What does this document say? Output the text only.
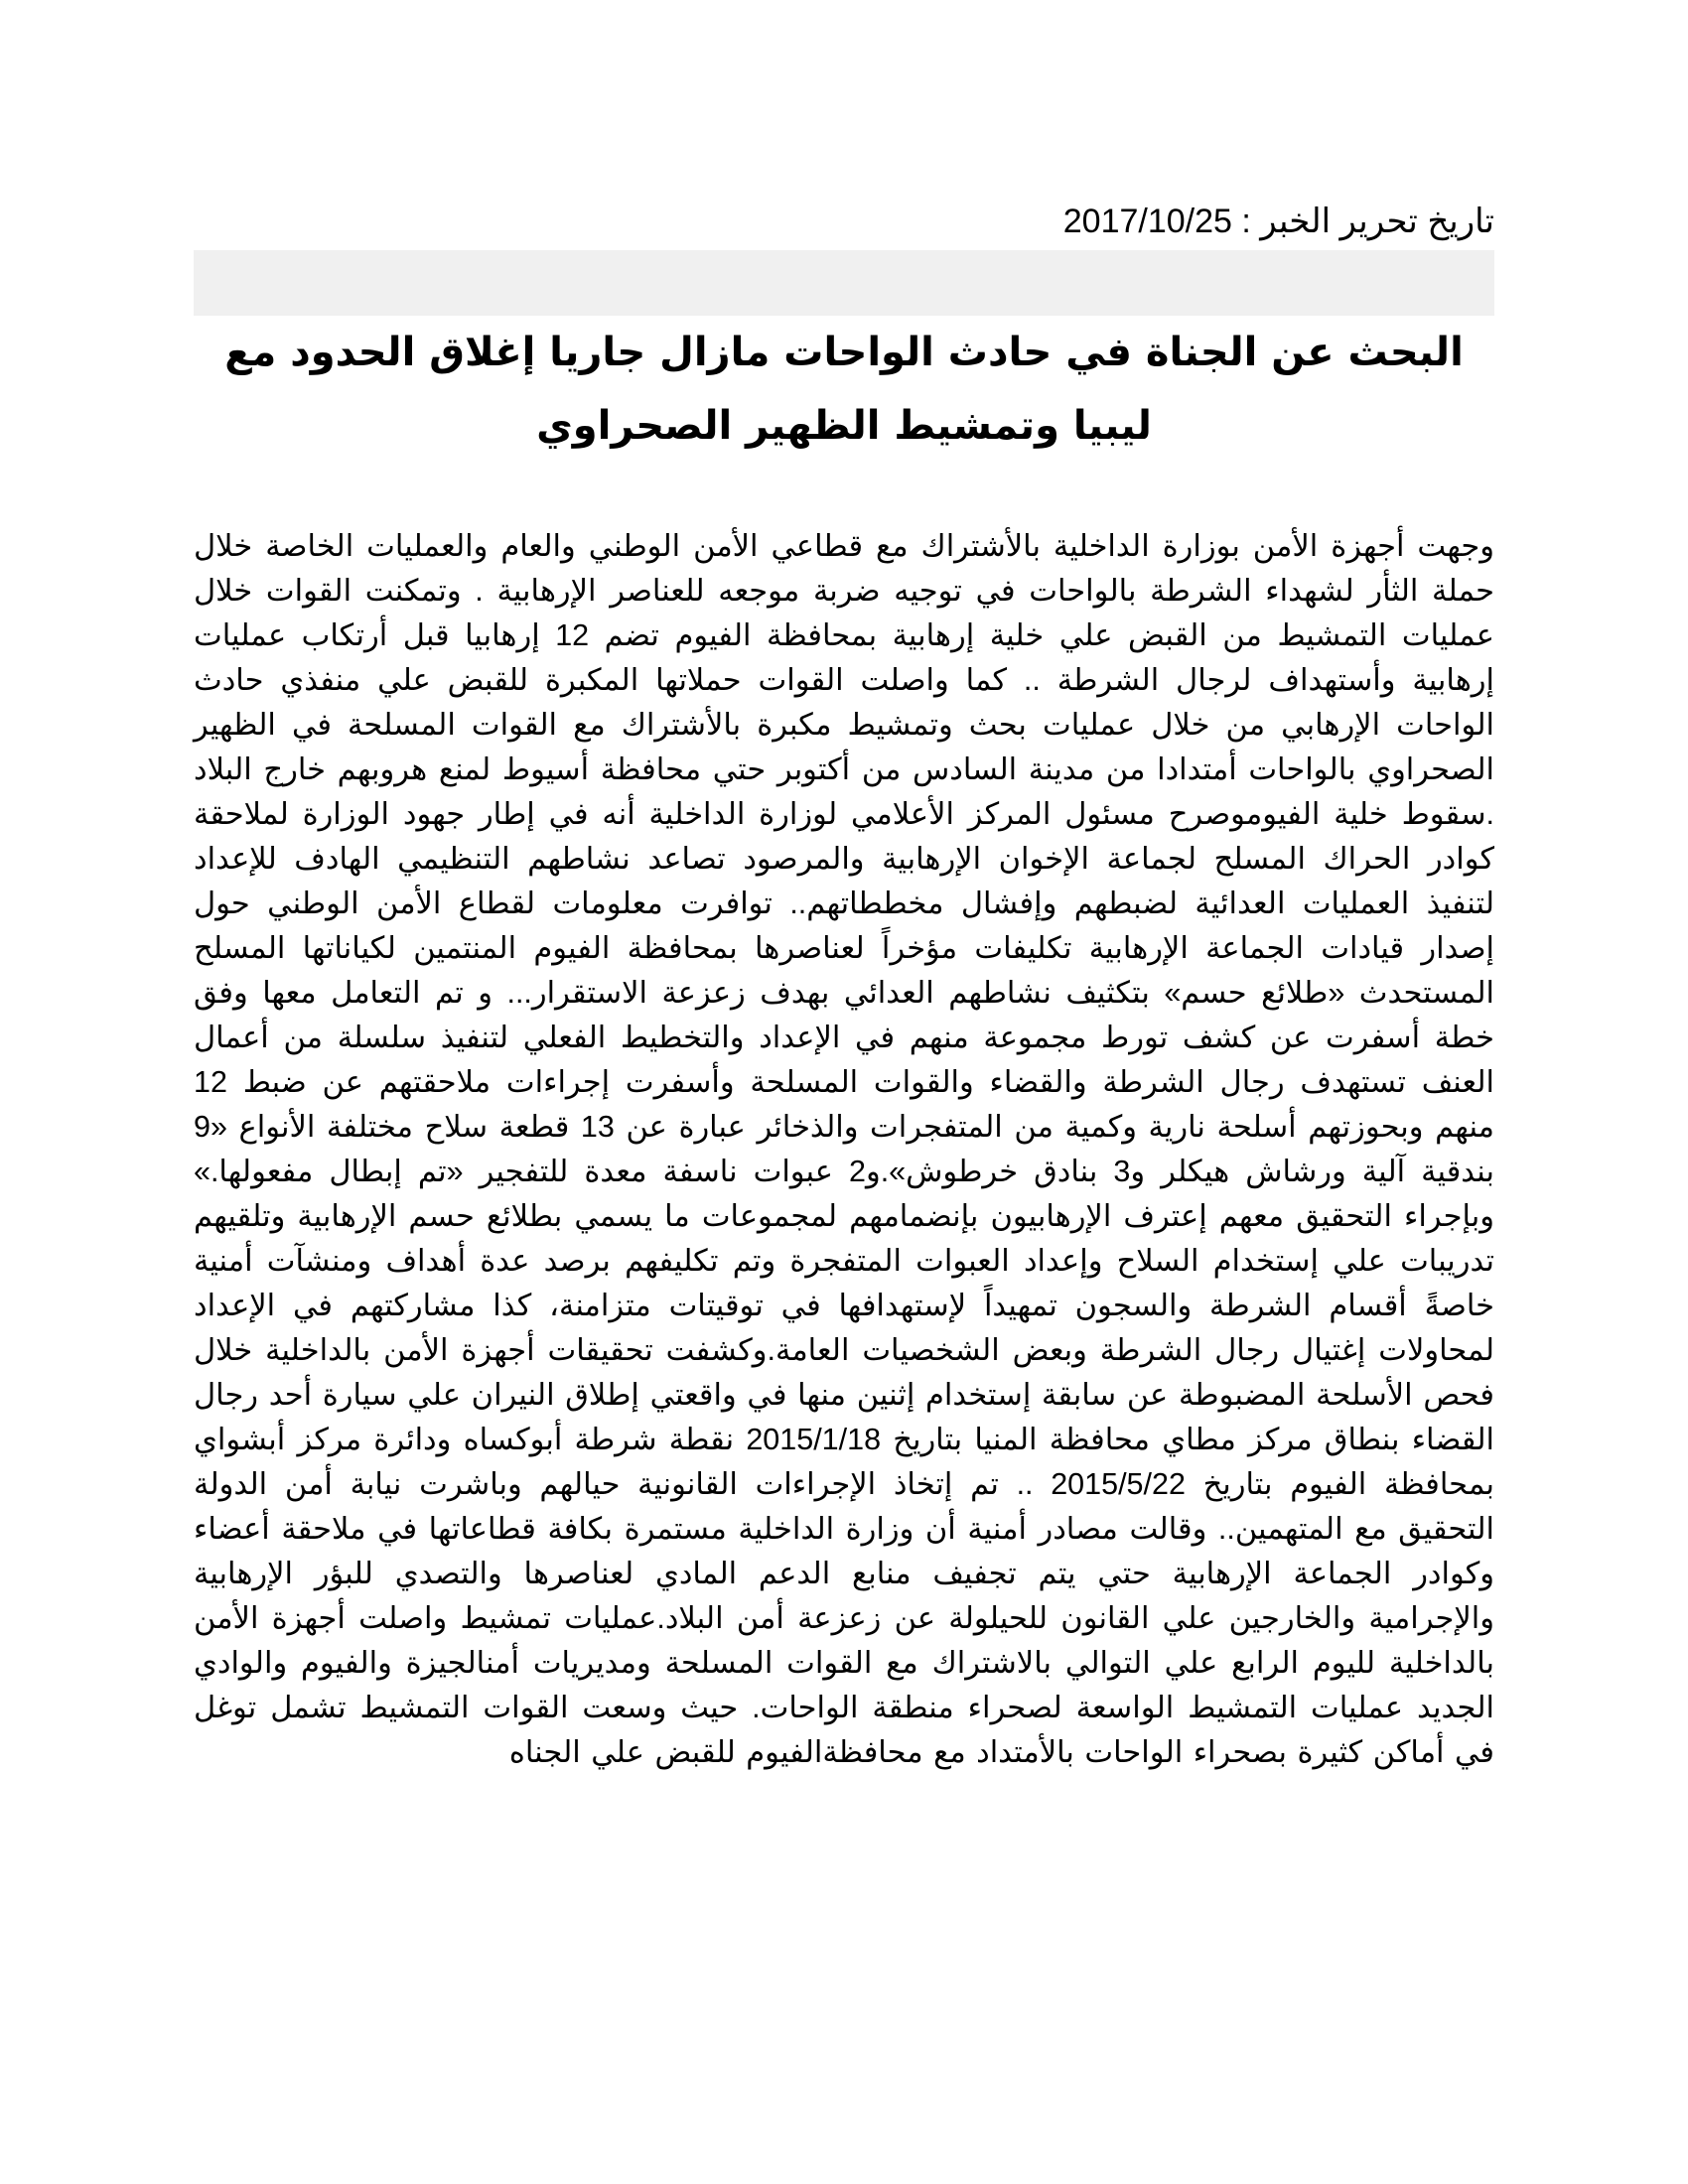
تاريخ تحرير الخبر : 2017/10/25
البحث عن الجناة في حادث الواحات مازال جاريا إغلاق الحدود مع ليبيا وتمشيط الظهير الصحراوي

وجهت أجهزة الأمن بوزارة الداخلية بالأشتراك مع قطاعي الأمن الوطني والعام والعمليات الخاصة خلال حملة الثأر لشهداء الشرطة بالواحات في توجيه ضربة موجعه للعناصر الإرهابية . وتمكنت القوات خلال عمليات التمشيط من القبض علي خلية إرهابية بمحافظة الفيوم تضم 12 إرهابيا قبل أرتكاب عمليات إرهابية وأستهداف لرجال الشرطة .. كما واصلت القوات حملاتها المكبرة للقبض علي منفذي حادث الواحات الإرهابي من خلال عمليات بحث وتمشيط مكبرة بالأشتراك مع القوات المسلحة في الظهير الصحراوي بالواحات أمتدادا من مدينة السادس من أكتوبر حتي محافظة أسيوط لمنع هروبهم خارج البلاد .سقوط خلية الفيوموصرح مسئول المركز الأعلامي لوزارة الداخلية أنه في إطار جهود الوزارة لملاحقة كوادر الحراك المسلح لجماعة الإخوان الإرهابية والمرصود تصاعد نشاطهم التنظيمي الهادف للإعداد لتنفيذ العمليات العدائية لضبطهم وإفشال مخططاتهم.. توافرت معلومات لقطاع الأمن الوطني حول إصدار قيادات الجماعة الإرهابية تكليفات مؤخراً لعناصرها بمحافظة الفيوم المنتمين لكياناتها المسلح المستحدث «طلائع حسم» بتكثيف نشاطهم العدائي بهدف زعزعة الاستقرار... و تم التعامل معها وفق خطة أسفرت عن كشف تورط مجموعة منهم في الإعداد والتخطيط الفعلي لتنفيذ سلسلة من أعمال العنف تستهدف رجال الشرطة والقضاء والقوات المسلحة وأسفرت إجراءات ملاحقتهم عن ضبط 12 منهم وبحوزتهم أسلحة نارية وكمية من المتفجرات والذخائر عبارة عن 13 قطعة سلاح مختلفة الأنواع «9 بندقية آلية ورشاش هيكلر و3 بنادق خرطوش».و2 عبوات ناسفة معدة للتفجير «تم إبطال مفعولها.» وبإجراء التحقيق معهم إعترف الإرهابيون بإنضمامهم لمجموعات ما يسمي بطلائع حسم الإرهابية وتلقيهم تدريبات علي إستخدام السلاح وإعداد العبوات المتفجرة وتم تكليفهم برصد عدة أهداف ومنشآت أمنية خاصةً أقسام الشرطة والسجون تمهيداً لإستهدافها في توقيتات متزامنة، كذا مشاركتهم في الإعداد لمحاولات إغتيال رجال الشرطة وبعض الشخصيات العامة.وكشفت تحقيقات أجهزة الأمن بالداخلية خلال فحص الأسلحة المضبوطة عن سابقة إستخدام إثنين منها في واقعتي إطلاق النيران علي سيارة أحد رجال القضاء بنطاق مركز مطاي محافظة المنيا بتاريخ 2015/1/18 نقطة شرطة أبوكساه ودائرة مركز أبشواي بمحافظة الفيوم بتاريخ 2015/5/22 .. تم إتخاذ الإجراءات القانونية حيالهم وباشرت نيابة أمن الدولة التحقيق مع المتهمين.. وقالت مصادر أمنية أن وزارة الداخلية مستمرة بكافة قطاعاتها في ملاحقة أعضاء وكوادر الجماعة الإرهابية حتي يتم تجفيف منابع الدعم المادي لعناصرها والتصدي للبؤر الإرهابية والإجرامية والخارجين علي القانون للحيلولة عن زعزعة أمن البلاد.عمليات تمشيط واصلت أجهزة الأمن بالداخلية لليوم الرابع علي التوالي بالاشتراك مع القوات المسلحة ومديريات أمنالجيزة والفيوم والوادي الجديد عمليات التمشيط الواسعة لصحراء منطقة الواحات. حيث وسعت القوات التمشيط تشمل توغل في أماكن كثيرة بصحراء الواحات بالأمتداد مع محافظةالفيوم للقبض علي الجناه
